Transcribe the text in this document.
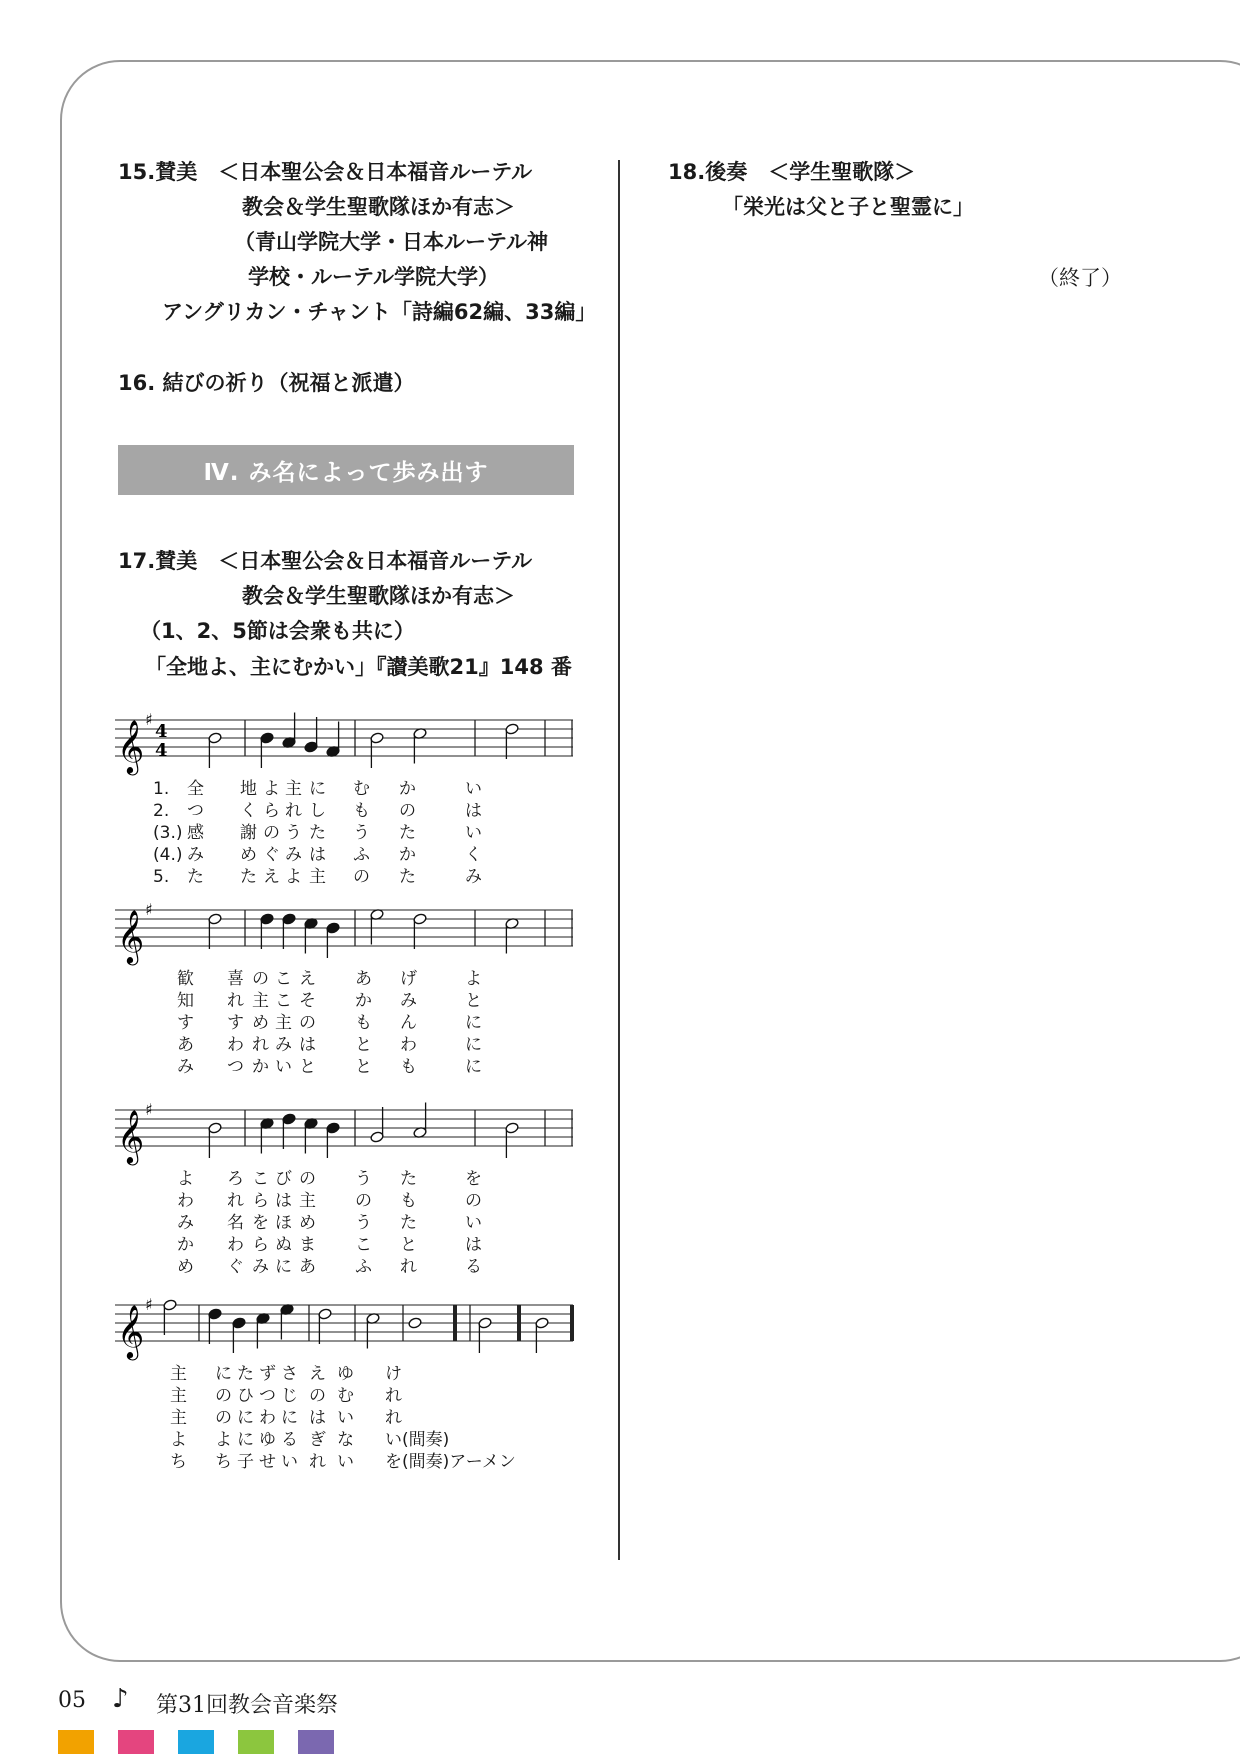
15.賛美　＜日本聖公会＆日本福音ルーテル
教会＆学生聖歌隊ほか有志＞
（青山学院大学・日本ルーテル神
学校・ルーテル学院大学）
アングリカン・チャント「詩編62編、33編」
16. 結びの祈り（祝福と派遣）
Ⅳ. み名によって歩み出す
17.賛美　＜日本聖公会＆日本福音ルーテル
教会＆学生聖歌隊ほか有志＞
（1、2、5節は会衆も共に）
「全地よ、主にむかい」『讃美歌21』148 番
𝄞 ♯
4
4
1. 全 地 よ 主 に む か	い
2. つ く ら れ し も の	は
(3.) 感 謝 の う た う た	い
(4.) み め ぐ み は ふ か	く
5. た た え よ 主 の た	み
𝄞 ♯
歓 喜 の こ え あ げ	よ
知 れ 主 こ そ か み	と
す す め 主 の も ん	に
あ わ れ み は と わ	に
み つ か い と と も	に
𝄞 ♯
よ ろ こ び の う た	を
わ れ ら は 主 の も	の
み 名 を ほ め う た	い
か わ ら ぬ ま こ と	は
め ぐ み に あ ふ れ	る
𝄞 ♯
主 に た ず さ え ゆ け
主 の ひ つ じ の む れ
主 の に わ に は い れ
よ よ に ゆ る ぎ な い(間奏)
ち ち 子 せ い れ い を(間奏)アーメン
18.後奏　＜学生聖歌隊＞
「栄光は父と子と聖霊に」
（終了）
05 ♪ 第31回教会音楽祭
